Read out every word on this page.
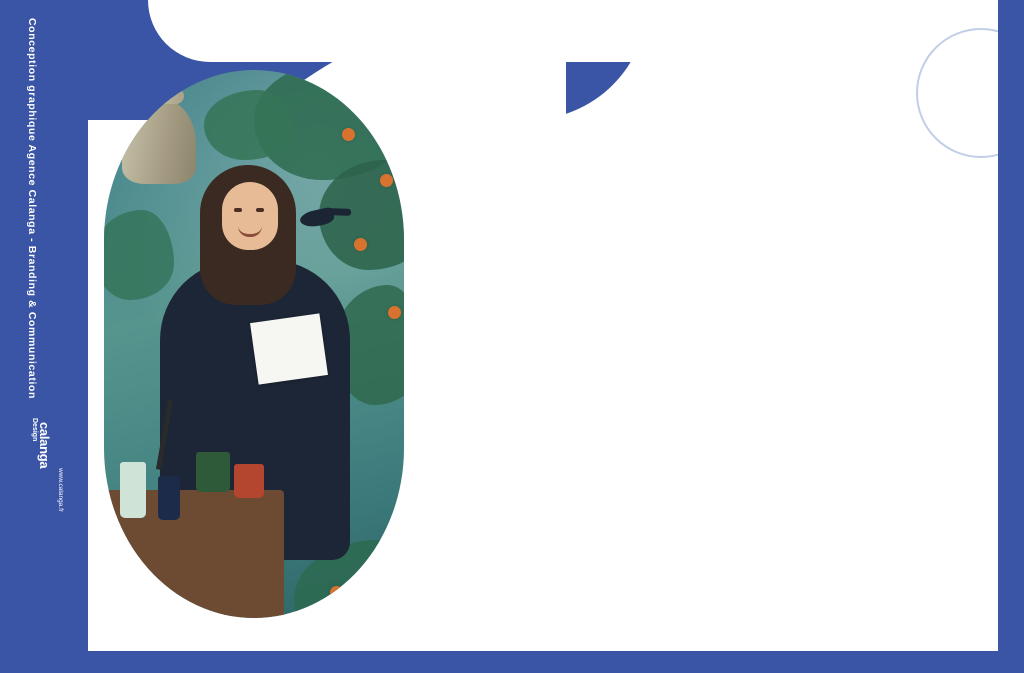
Conception graphique Agence Calanga - Branding & Communication
Design calanga
www.calanga.fr
